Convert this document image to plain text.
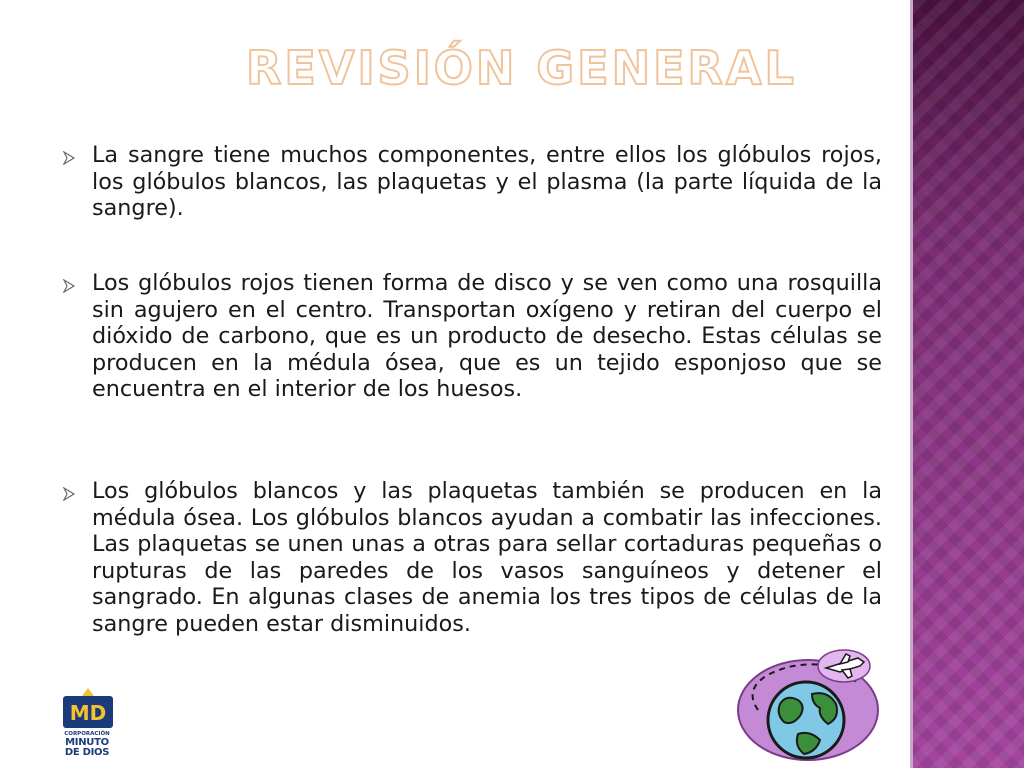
REVISIÓN GENERAL
La sangre tiene muchos componentes, entre ellos los glóbulos rojos, los glóbulos blancos, las plaquetas y el plasma (la parte líquida de la sangre).
Los glóbulos rojos tienen forma de disco y se ven como una rosquilla sin agujero en el centro. Transportan oxígeno y retiran del cuerpo el dióxido de carbono, que es un producto de desecho. Estas células se producen en la médula ósea, que es un tejido esponjoso que se encuentra en el interior de los huesos.
Los glóbulos blancos y las plaquetas también se producen en la médula ósea. Los glóbulos blancos ayudan a combatir las infecciones. Las plaquetas se unen unas a otras para sellar cortaduras pequeñas o rupturas de las paredes de los vasos sanguíneos y detener el sangrado. En algunas clases de anemia los tres tipos de células de la sangre pueden estar disminuidos.
MD
CORPORACIÓN
MINUTO
DE DIOS
